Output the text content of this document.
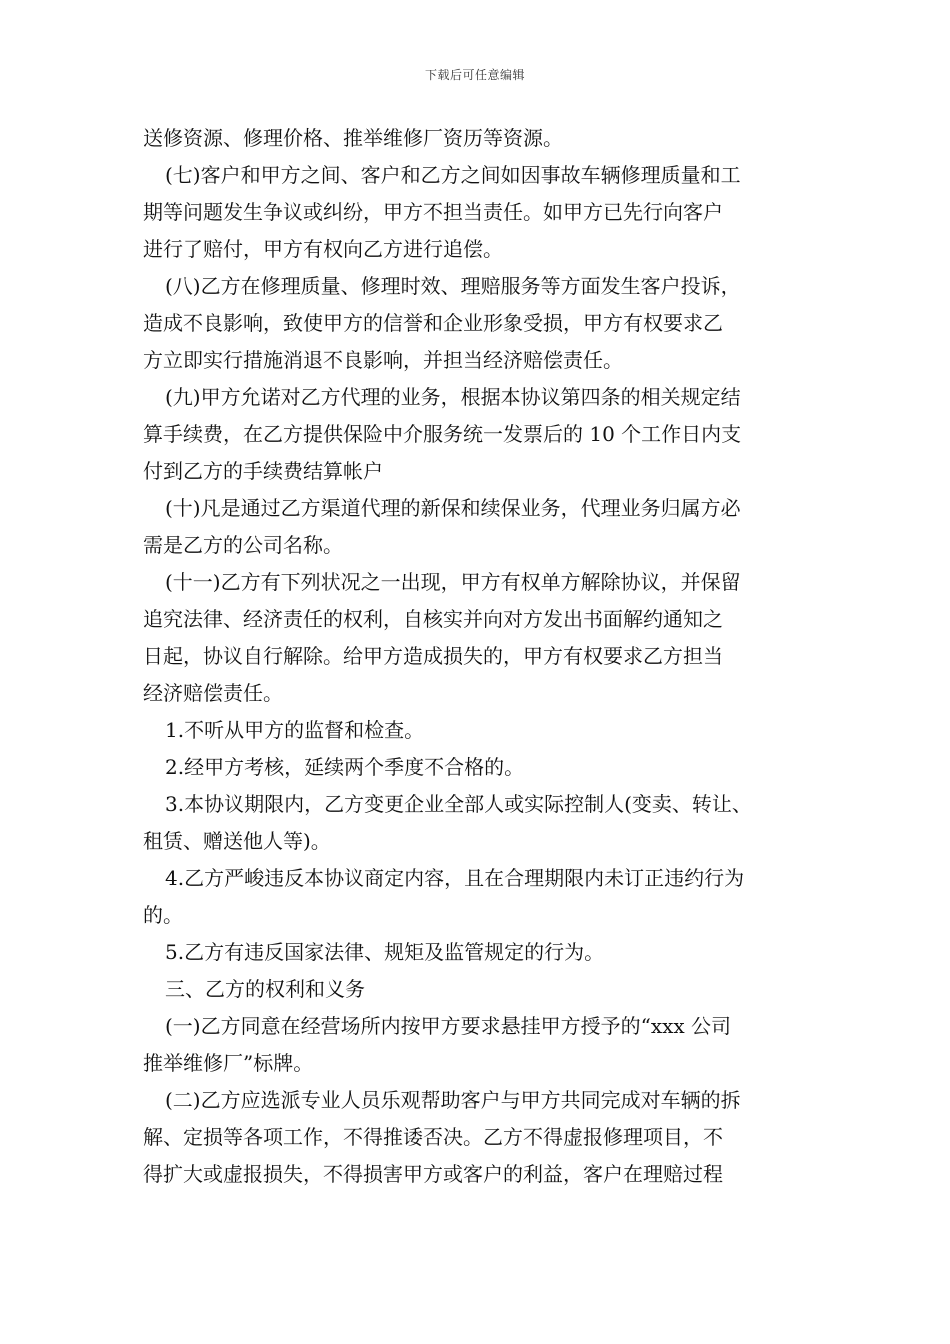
下载后可任意编辑
送修资源、修理价格、推举维修厂资历等资源。
(七)客户和甲方之间、客户和乙方之间如因事故车辆修理质量和工
期等问题发生争议或纠纷，甲方不担当责任。如甲方已先行向客户
进行了赔付，甲方有权向乙方进行追偿。
(八)乙方在修理质量、修理时效、理赔服务等方面发生客户投诉，
造成不良影响，致使甲方的信誉和企业形象受损，甲方有权要求乙
方立即实行措施消退不良影响，并担当经济赔偿责任。
(九)甲方允诺对乙方代理的业务，根据本协议第四条的相关规定结
算手续费，在乙方提供保险中介服务统一发票后的 10 个工作日内支
付到乙方的手续费结算帐户
(十)凡是通过乙方渠道代理的新保和续保业务，代理业务归属方必
需是乙方的公司名称。
(十一)乙方有下列状况之一出现，甲方有权单方解除协议，并保留
追究法律、经济责任的权利，自核实并向对方发出书面解约通知之
日起，协议自行解除。给甲方造成损失的，甲方有权要求乙方担当
经济赔偿责任。
1.不听从甲方的监督和检查。
2.经甲方考核，延续两个季度不合格的。
3.本协议期限内，乙方变更企业全部人或实际控制人(变卖、转让、
租赁、赠送他人等)。
4.乙方严峻违反本协议商定内容，且在合理期限内未订正违约行为
的。
5.乙方有违反国家法律、规矩及监管规定的行为。
三、乙方的权利和义务
(一)乙方同意在经营场所内按甲方要求悬挂甲方授予的“xxx 公司
推举维修厂”标牌。
(二)乙方应选派专业人员乐观帮助客户与甲方共同完成对车辆的拆
解、定损等各项工作，不得推诿否决。乙方不得虚报修理项目，不
得扩大或虚报损失，不得损害甲方或客户的利益，客户在理赔过程
